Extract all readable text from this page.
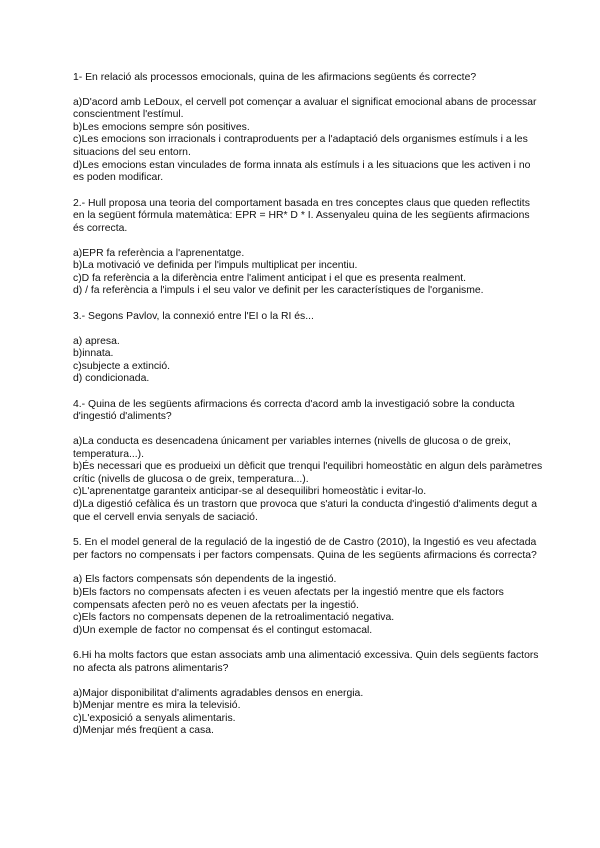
1- En relació als processos emocionals, quina de les afirmacions següents és correcte?

a)D'acord amb LeDoux, el cervell pot començar a avaluar el significat emocional abans de processar conscientment l'estímul.

b)Les emocions sempre són positives.

c)Les emocions son irracionals i contraproduents per a l'adaptació dels organismes estímuls i a les situacions del seu entorn.

d)Les emocions estan vinculades de forma innata als estímuls i a les situacions que les activen i no es poden modificar.

2.- Hull proposa una teoria del comportament basada en tres conceptes claus que queden reflectits en la següent fórmula matemàtica: EPR = HR* D * I. Assenyaleu quina de les següents afirmacions és correcta.

a)EPR fa referència a l'aprenentatge.

b)La motivació ve definida per l'impuls multiplicat per incentiu.

c)D fa referència a la diferència entre l'aliment anticipat i el que es presenta realment.

d) / fa referència a l'impuls i el seu valor ve definit per les característiques de l'organisme.

3.- Segons Pavlov, la connexió entre l'EI o la RI és...

a) apresa.

b)innata.

c)subjecte a extinció.

d) condicionada.

4.- Quina de les següents afirmacions és correcta d'acord amb la investigació sobre la conducta d'ingestió d'aliments?

a)La conducta es desencadena únicament per variables internes (nivells de glucosa o de greix, temperatura...).

b)És necessari que es produeixi un dèficit que trenqui l'equilibri homeostàtic en algun dels paràmetres crític (nivells de glucosa o de greix, temperatura...).

c)L'aprenentatge garanteix anticipar-se al desequilibri homeostàtic i evitar-lo.

d)La digestió cefàlica és un trastorn que provoca que s'aturi la conducta d'ingestió d'aliments degut a que el cervell envia senyals de saciació.

5. En el model general de la regulació de la ingestió de de Castro (2010), la Ingestió es veu afectada per factors no compensats i per factors compensats. Quina de les següents afirmacions és correcta?

a) Els factors compensats són dependents de la ingestió.

b)Els factors no compensats afecten i es veuen afectats per la ingestió mentre que els factors compensats afecten però no es veuen afectats per la ingestió.

c)Els factors no compensats depenen de la retroalimentació negativa.

d)Un exemple de factor no compensat és el contingut estomacal.

6.Hi ha molts factors que estan associats amb una alimentació excessiva. Quin dels següents factors no afecta als patrons alimentaris?

a)Major disponibilitat d'aliments agradables densos en energia.

b)Menjar mentre es mira la televisió.

c)L'exposició a senyals alimentaris.

d)Menjar més freqüent a casa.
